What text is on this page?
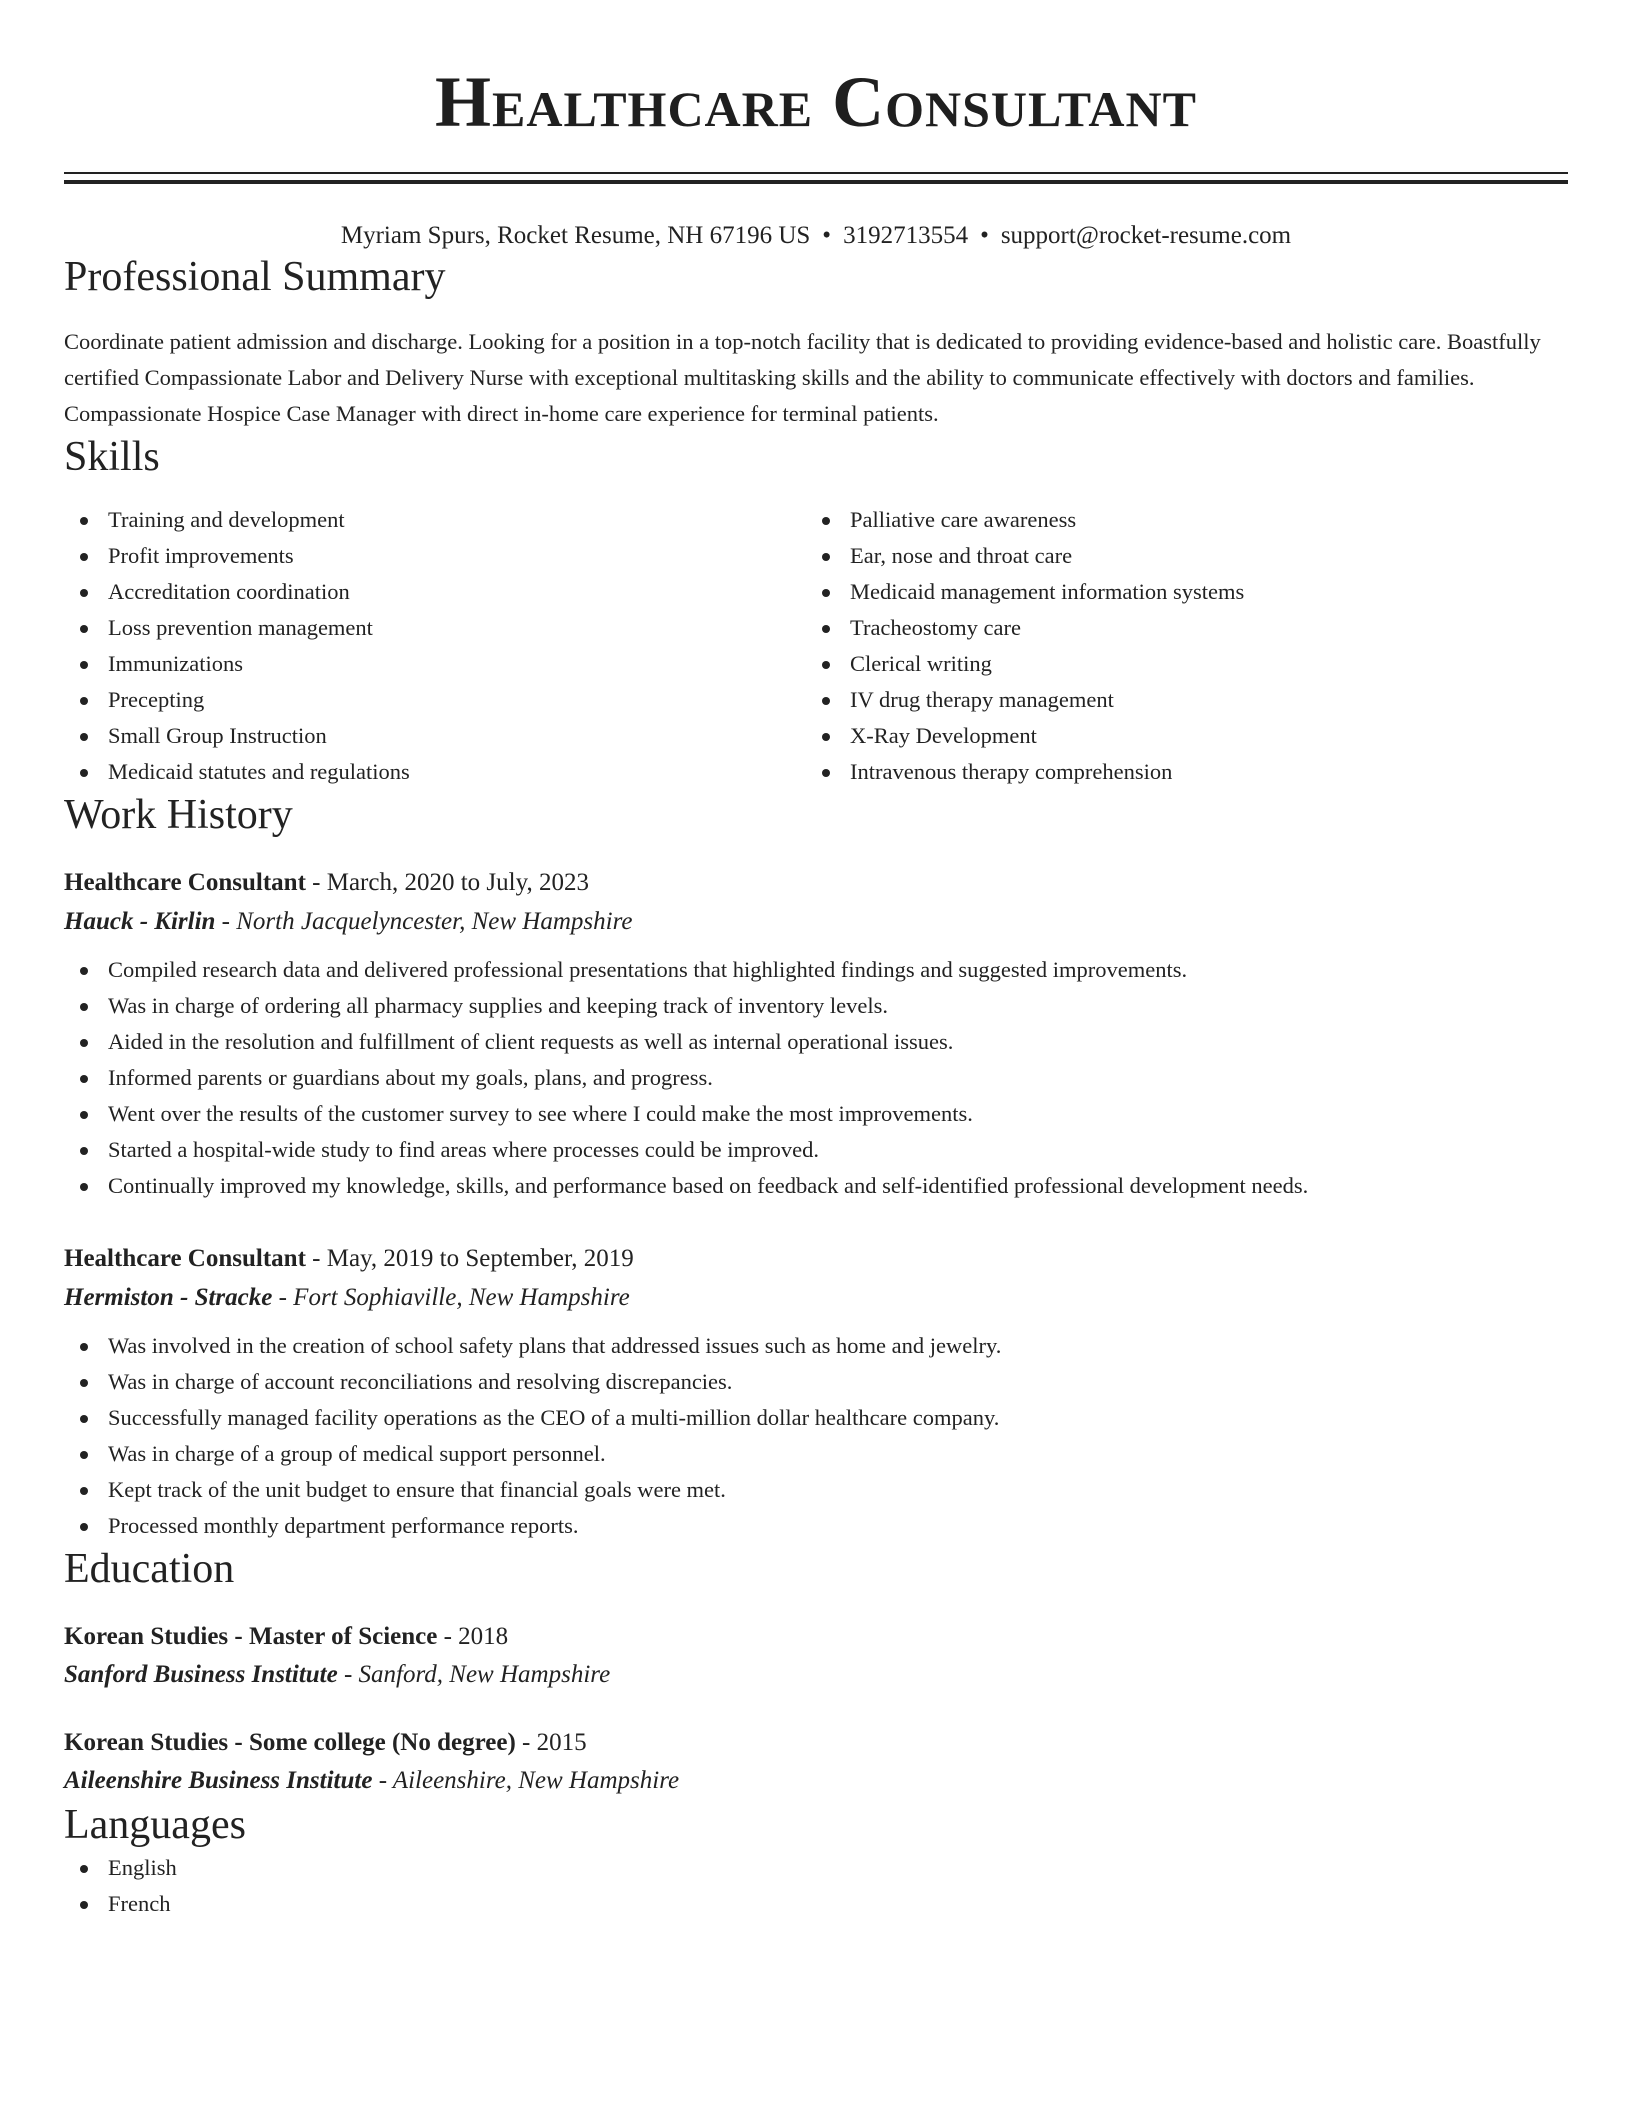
Healthcare Consultant
Myriam Spurs, Rocket Resume, NH 67196 US • 3192713554 • support@rocket-resume.com
Professional Summary
Coordinate patient admission and discharge. Looking for a position in a top-notch facility that is dedicated to providing evidence-based and holistic care. Boastfully certified Compassionate Labor and Delivery Nurse with exceptional multitasking skills and the ability to communicate effectively with doctors and families. Compassionate Hospice Case Manager with direct in-home care experience for terminal patients.
Skills
Training and development
Profit improvements
Accreditation coordination
Loss prevention management
Immunizations
Precepting
Small Group Instruction
Medicaid statutes and regulations
Palliative care awareness
Ear, nose and throat care
Medicaid management information systems
Tracheostomy care
Clerical writing
IV drug therapy management
X-Ray Development
Intravenous therapy comprehension
Work History
Healthcare Consultant - March, 2020 to July, 2023
Hauck - Kirlin - North Jacquelyncester, New Hampshire
Compiled research data and delivered professional presentations that highlighted findings and suggested improvements.
Was in charge of ordering all pharmacy supplies and keeping track of inventory levels.
Aided in the resolution and fulfillment of client requests as well as internal operational issues.
Informed parents or guardians about my goals, plans, and progress.
Went over the results of the customer survey to see where I could make the most improvements.
Started a hospital-wide study to find areas where processes could be improved.
Continually improved my knowledge, skills, and performance based on feedback and self-identified professional development needs.
Healthcare Consultant - May, 2019 to September, 2019
Hermiston - Stracke - Fort Sophiaville, New Hampshire
Was involved in the creation of school safety plans that addressed issues such as home and jewelry.
Was in charge of account reconciliations and resolving discrepancies.
Successfully managed facility operations as the CEO of a multi-million dollar healthcare company.
Was in charge of a group of medical support personnel.
Kept track of the unit budget to ensure that financial goals were met.
Processed monthly department performance reports.
Education
Korean Studies - Master of Science - 2018
Sanford Business Institute - Sanford, New Hampshire
Korean Studies - Some college (No degree) - 2015
Aileenshire Business Institute - Aileenshire, New Hampshire
Languages
English
French
